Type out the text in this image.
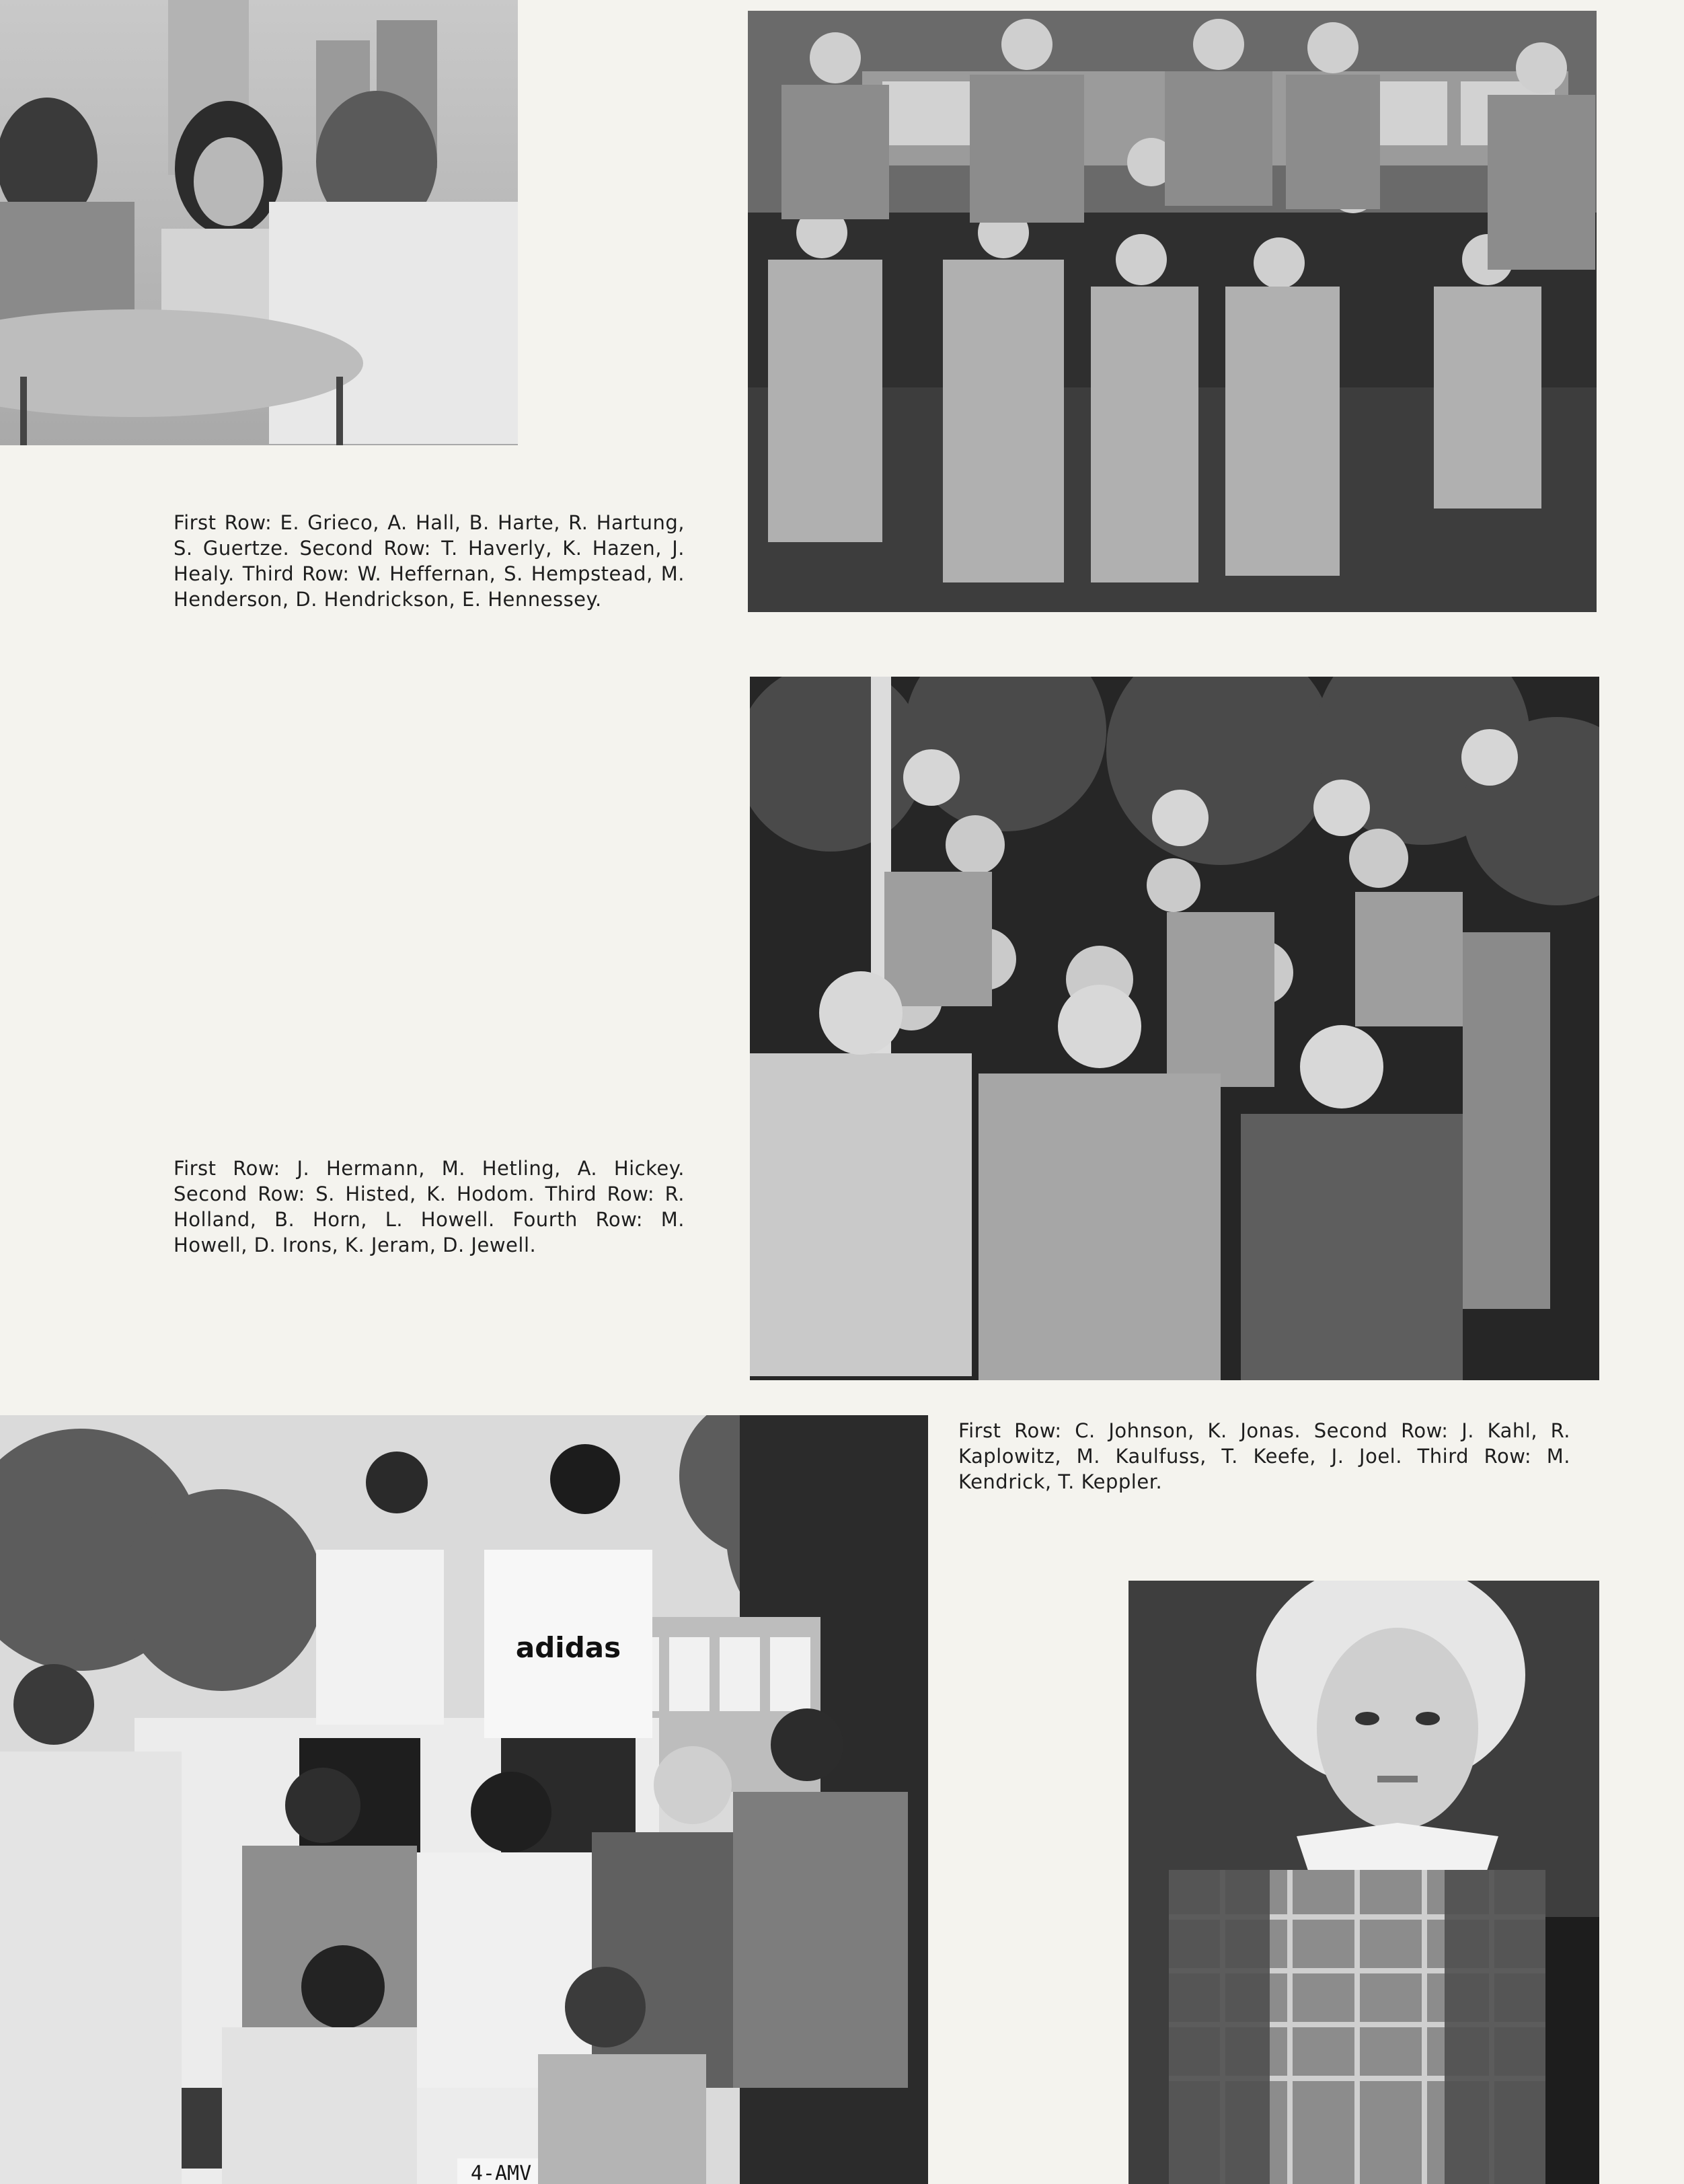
First Row: E. Grieco, A. Hall, B. Harte, R. Hartung, S. Guertze. Second Row: T. Haverly, K. Hazen, J. Healy. Third Row: W. Heffernan, S. Hempstead, M. Henderson, D. Hendrickson, E. Hennessey.

First Row: J. Hermann, M. Hetling, A. Hickey. Second Row: S. Histed, K. Hodom. Third Row: R. Holland, B. Horn, L. Howell. Fourth Row: M. Howell, D. Irons, K. Jeram, D. Jewell.

First Row: C. Johnson, K. Jonas. Second Row: J. Kahl, R. Kaplowitz, M. Kaulfuss, T. Keefe, J. Joel. Third Row: M. Kendrick, T. Keppler.

4-AMV
adidas
